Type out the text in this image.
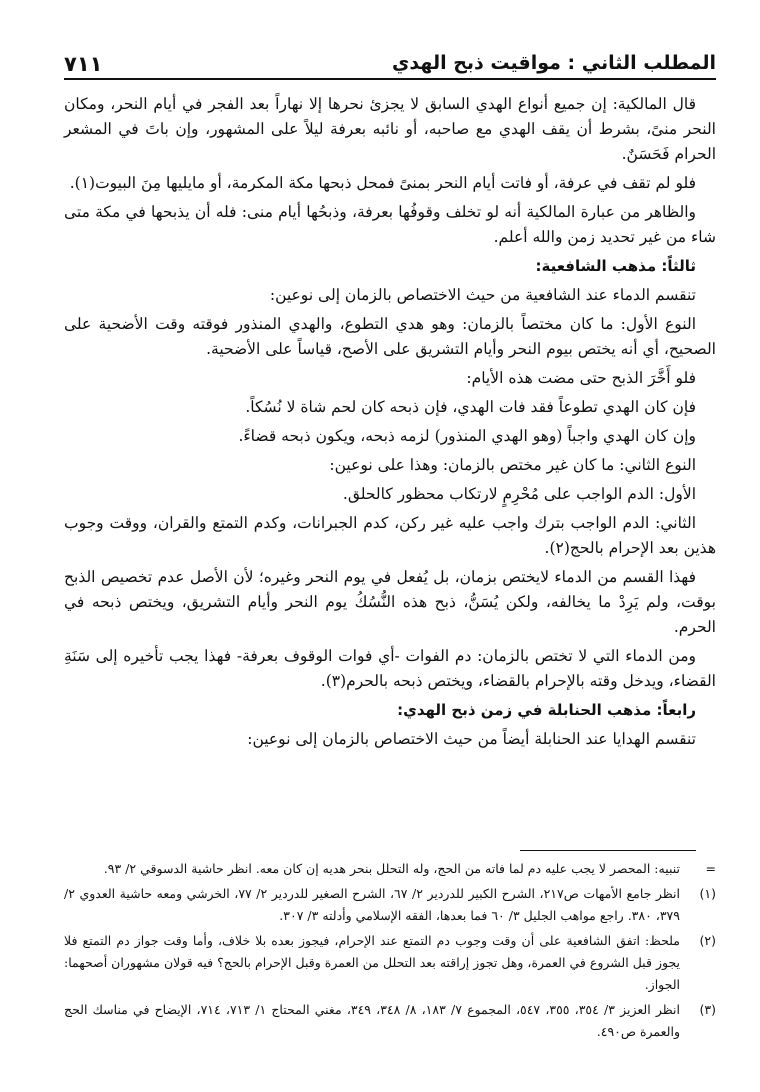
المطلب الثاني : مواقيت ذبح الهدي
٧١١

قال المالكية: إن جميع أنواع الهدي السابق لا يجزئ نحرها إلا نهاراً بعد الفجر في أيام النحر، ومكان النحر منىً، بشرط أن يقف الهدي مع صاحبه، أو نائبه بعرفة ليلاً على المشهور، وإن باتَ في المشعر الحرام فَحَسَنٌ.

فلو لم تقف في عرفة، أو فاتت أيام النحر بمنىً فمحل ذبحها مكة المكرمة، أو مايليها مِنَ البيوت(١).

والظاهر من عبارة المالكية أنه لو تخلف وقوفُها بعرفة، وذبحُها أيام منى: فله أن يذبحها في مكة متى شاء من غير تحديد زمن والله أعلم.

ثالثاً: مذهب الشافعية:

تنقسم الدماء عند الشافعية من حيث الاختصاص بالزمان إلى نوعين:

النوع الأول: ما كان مختصاً بالزمان: وهو هدي التطوع، والهدي المنذور فوقته وقت الأضحية على الصحيح، أي أنه يختص بيوم النحر وأيام التشريق على الأصح، قياساً على الأضحية.

فلو أَخَّرَ الذبح حتى مضت هذه الأيام:

فإن كان الهدي تطوعاً فقد فات الهدي، فإن ذبحه كان لحم شاة لا نُسُكاً.

وإن كان الهدي واجباً (وهو الهدي المنذور) لزمه ذبحه، ويكون ذبحه قضاءً.

النوع الثاني: ما كان غير مختص بالزمان: وهذا على نوعين:

الأول: الدم الواجب على مُحْرِمٍ لارتكاب محظور كالحلق.

الثاني: الدم الواجب بترك واجب عليه غير ركن، كدم الجبرانات، وكدم التمتع والقران، ووقت وجوب هذين بعد الإحرام بالحج(٢).

فهذا القسم من الدماء لايختص بزمان، بل يُفعل في يوم النحر وغيره؛ لأن الأصل عدم تخصيص الذبح بوقت، ولم يَرِدْ ما يخالفه، ولكن يُسَنُّ، ذبح هذه النُّسُكُ يوم النحر وأيام التشريق، ويختص ذبحه في الحرم.

ومن الدماء التي لا تختص بالزمان: دم الفوات -أي فوات الوقوف بعرفة- فهذا يجب تأخيره إلى سَنَةِ القضاء، ويدخل وقته بالإحرام بالقضاء، ويختص ذبحه بالحرم(٣).

رابعاً: مذهب الحنابلة في زمن ذبح الهدي:

تنقسم الهدايا عند الحنابلة أيضاً من حيث الاختصاص بالزمان إلى نوعين:

=
تنبيه: المحصر لا يجب عليه دم لما فاته من الحج، وله التحلل بنحر هديه إن كان معه. انظر حاشية الدسوقي ٢/ ٩٣.
(١)
انظر جامع الأمهات ص٢١٧، الشرح الكبير للدردير ٢/ ٦٧، الشرح الصغير للدردير ٢/ ٧٧، الخرشي ومعه حاشية العدوي ٢/ ٣٧٩، ٣٨٠. راجع مواهب الجليل ٣/ ٦٠ فما بعدها، الفقه الإسلامي وأدلته ٣/ ٣٠٧.
(٢)
ملحظ: اتفق الشافعية على أن وقت وجوب دم التمتع عند الإحرام، فيجوز بعده بلا خلاف، وأما وقت جواز دم التمتع فلا يجوز قبل الشروع في العمرة، وهل تجوز إراقته بعد التحلل من العمرة وقبل الإحرام بالحج؟ فيه قولان مشهوران أصحهما: الجواز.
(٣)
انظر العزيز ٣/ ٣٥٤، ٣٥٥، ٥٤٧، المجموع ٧/ ١٨٣، ٨/ ٣٤٨، ٣٤٩، مغني المحتاج ١/ ٧١٣، ٧١٤، الإيضاح في مناسك الحج والعمرة ص٤٩٠.
